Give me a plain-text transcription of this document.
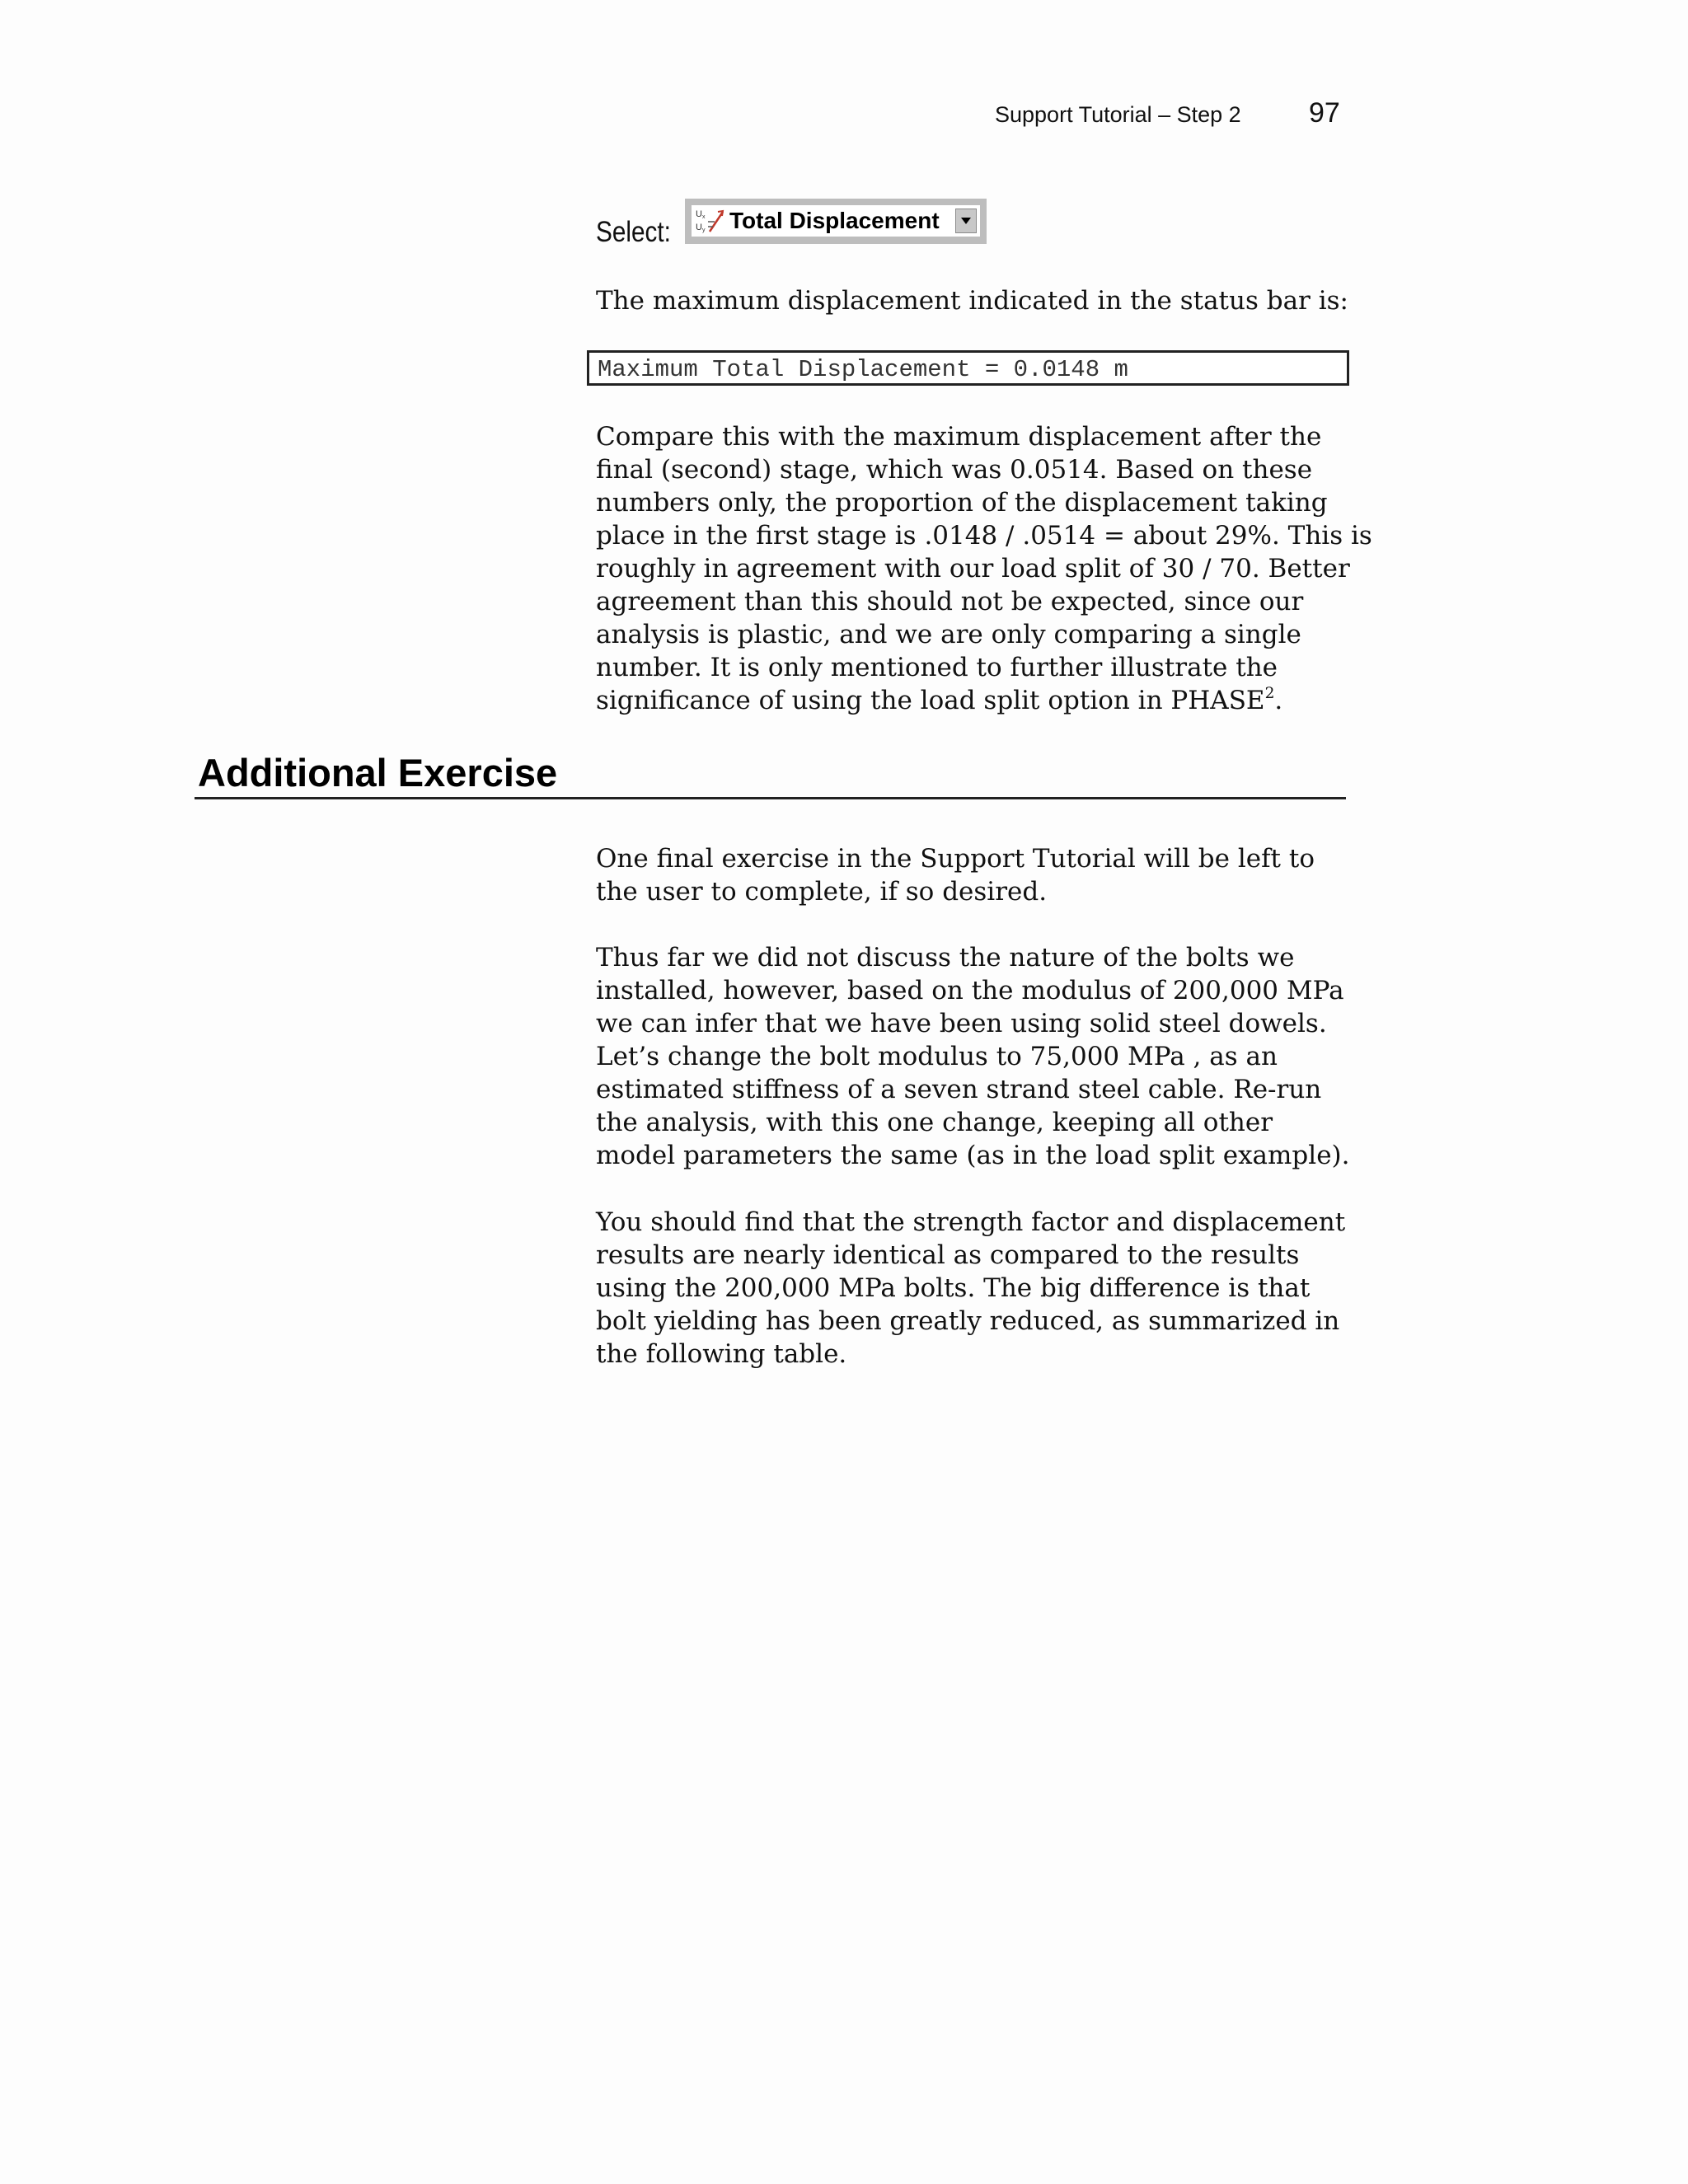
Support Tutorial – Step 2 97
Select:
U x
U y Total Displacement
The maximum displacement indicated in the status bar is:
Maximum Total Displacement = 0.0148 m
Compare this with the maximum displacement after the
final (second) stage, which was 0.0514. Based on these
numbers only, the proportion of the displacement taking
place in the first stage is .0148 / .0514 = about 29%. This is
roughly in agreement with our load split of 30 / 70. Better
agreement than this should not be expected, since our
analysis is plastic, and we are only comparing a single
number. It is only mentioned to further illustrate the
significance of using the load split option in PHASE$^2$.
Additional Exercise
One final exercise in the Support Tutorial will be left to
the user to complete, if so desired.
Thus far we did not discuss the nature of the bolts we
installed, however, based on the modulus of 200,000 MPa
we can infer that we have been using solid steel dowels.
Let’s change the bolt modulus to 75,000 MPa , as an
estimated stiffness of a seven strand steel cable. Re-run
the analysis, with this one change, keeping all other
model parameters the same (as in the load split example).
You should find that the strength factor and displacement
results are nearly identical as compared to the results
using the 200,000 MPa bolts. The big difference is that
bolt yielding has been greatly reduced, as summarized in
the following table.
